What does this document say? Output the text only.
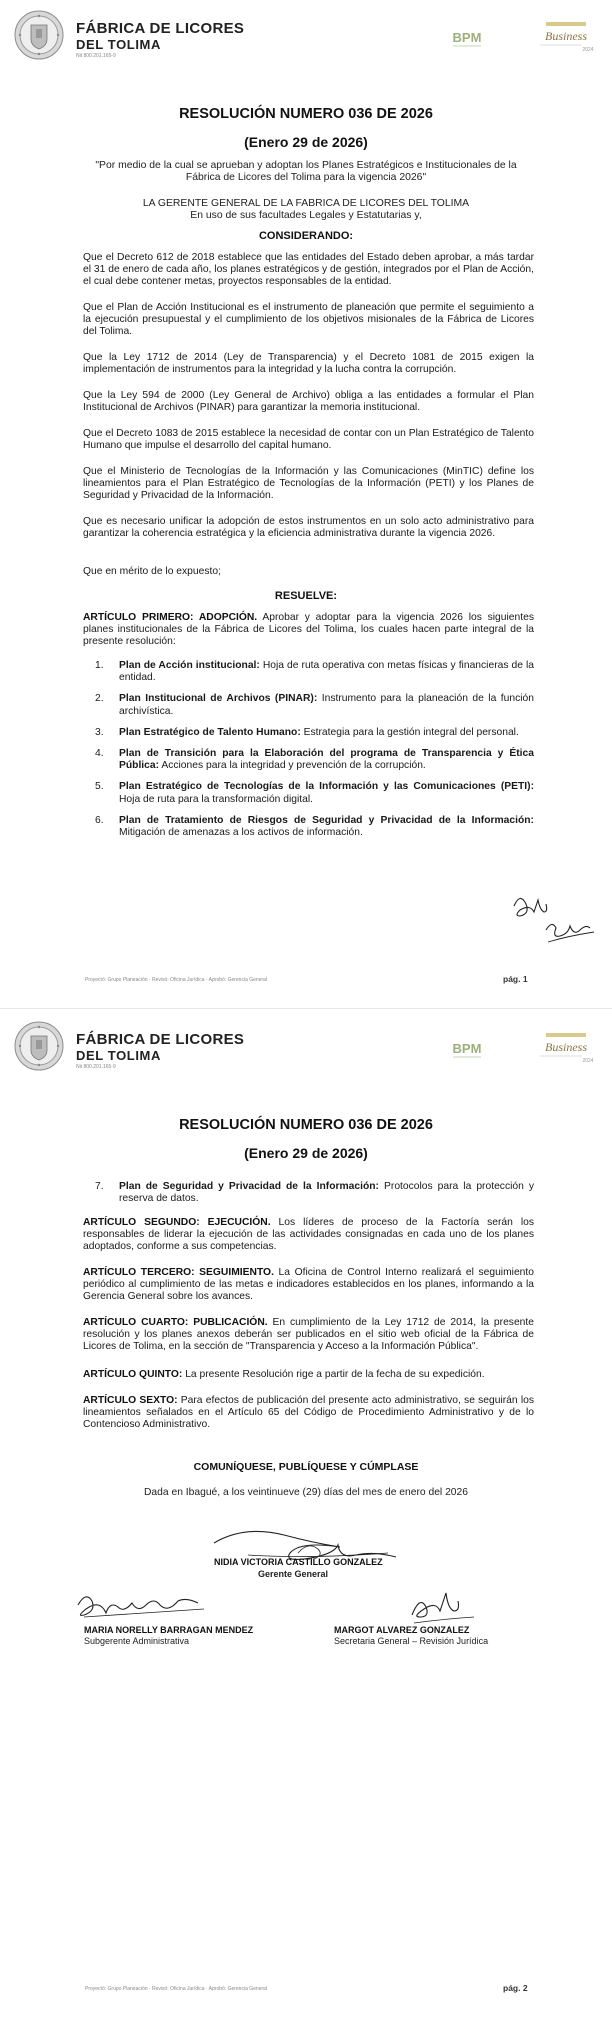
FÁBRICA DE LICORES
DEL TOLIMA
Nit 800.201.165-9
BPM	Business
2024
RESOLUCIÓN NUMERO 036 DE 2026
(Enero 29 de 2026)
"Por medio de la cual se aprueban y adoptan los Planes Estratégicos e Institucionales de la Fábrica de Licores del Tolima para la vigencia 2026"
LA GERENTE GENERAL DE LA FABRICA DE LICORES DEL TOLIMA
En uso de sus facultades Legales y Estatutarias y,
CONSIDERANDO:

Que el Decreto 612 de 2018 establece que las entidades del Estado deben aprobar, a más tardar el 31 de enero de cada año, los planes estratégicos y de gestión, integrados por el Plan de Acción, el cual debe contener metas, proyectos responsables de la entidad.

Que el Plan de Acción Institucional es el instrumento de planeación que permite el seguimiento a la ejecución presupuestal y el cumplimiento de los objetivos misionales de la Fábrica de Licores del Tolima.

Que la Ley 1712 de 2014 (Ley de Transparencia) y el Decreto 1081 de 2015 exigen la implementación de instrumentos para la integridad y la lucha contra la corrupción.

Que la Ley 594 de 2000 (Ley General de Archivo) obliga a las entidades a formular el Plan Institucional de Archivos (PINAR) para garantizar la memoria institucional.

Que el Decreto 1083 de 2015 establece la necesidad de contar con un Plan Estratégico de Talento Humano que impulse el desarrollo del capital humano.

Que el Ministerio de Tecnologías de la Información y las Comunicaciones (MinTIC) define los lineamientos para el Plan Estratégico de Tecnologías de la Información (PETI) y los Planes de Seguridad y Privacidad de la Información.

Que es necesario unificar la adopción de estos instrumentos en un solo acto administrativo para garantizar la coherencia estratégica y la eficiencia administrativa durante la vigencia 2026.

Que en mérito de lo expuesto;

RESUELVE:

ARTÍCULO PRIMERO: ADOPCIÓN. Aprobar y adoptar para la vigencia 2026 los siguientes planes institucionales de la Fábrica de Licores del Tolima, los cuales hacen parte integral de la presente resolución:

1.	Plan de Acción institucional: Hoja de ruta operativa con metas físicas y financieras de la entidad.
2.	Plan Institucional de Archivos (PINAR): Instrumento para la planeación de la función archivística.
3.	Plan Estratégico de Talento Humano: Estrategia para la gestión integral del personal.
4.	Plan de Transición para la Elaboración del programa de Transparencia y Ética Pública: Acciones para la integridad y prevención de la corrupción.
5.	Plan Estratégico de Tecnologías de la Información y las Comunicaciones (PETI): Hoja de ruta para la transformación digital.
6.	Plan de Tratamiento de Riesgos de Seguridad y Privacidad de la Información: Mitigación de amenazas a los activos de información.
Proyectó: Grupo Planeación · Revisó: Oficina Jurídica · Aprobó: Gerencia General	pág. 1
FÁBRICA DE LICORES
DEL TOLIMA
Nit 800.201.165-9
BPM	Business
2024
RESOLUCIÓN NUMERO 036 DE 2026
(Enero 29 de 2026)
7.	Plan de Seguridad y Privacidad de la Información: Protocolos para la protección y reserva de datos.

ARTÍCULO SEGUNDO: EJECUCIÓN. Los líderes de proceso de la Factoría serán los responsables de liderar la ejecución de las actividades consignadas en cada uno de los planes adoptados, conforme a sus competencias.

ARTÍCULO TERCERO: SEGUIMIENTO. La Oficina de Control Interno realizará el seguimiento periódico al cumplimiento de las metas e indicadores establecidos en los planes, informando a la Gerencia General sobre los avances.

ARTÍCULO CUARTO: PUBLICACIÓN. En cumplimiento de la Ley 1712 de 2014, la presente resolución y los planes anexos deberán ser publicados en el sitio web oficial de la Fábrica de Licores de Tolima, en la sección de "Transparencia y Acceso a la Información Pública".

ARTÍCULO QUINTO: La presente Resolución rige a partir de la fecha de su expedición.

ARTÍCULO SEXTO: Para efectos de publicación del presente acto administrativo, se seguirán los lineamientos señalados en el Artículo 65 del Código de Procedimiento Administrativo y de lo Contencioso Administrativo.

COMUNÍQUESE, PUBLÍQUESE Y CÚMPLASE
Dada en Ibagué, a los veintinueve (29) días del mes de enero del 2026
NIDIA VICTORIA CASTILLO GONZALEZ
Gerente General
MARIA NORELLY BARRAGAN MENDEZ
Subgerente Administrativa
MARGOT ALVAREZ GONZALEZ
Secretaria General – Revisión Jurídica
Proyectó: Grupo Planeación · Revisó: Oficina Jurídica · Aprobó: Gerencia General	pág. 2
